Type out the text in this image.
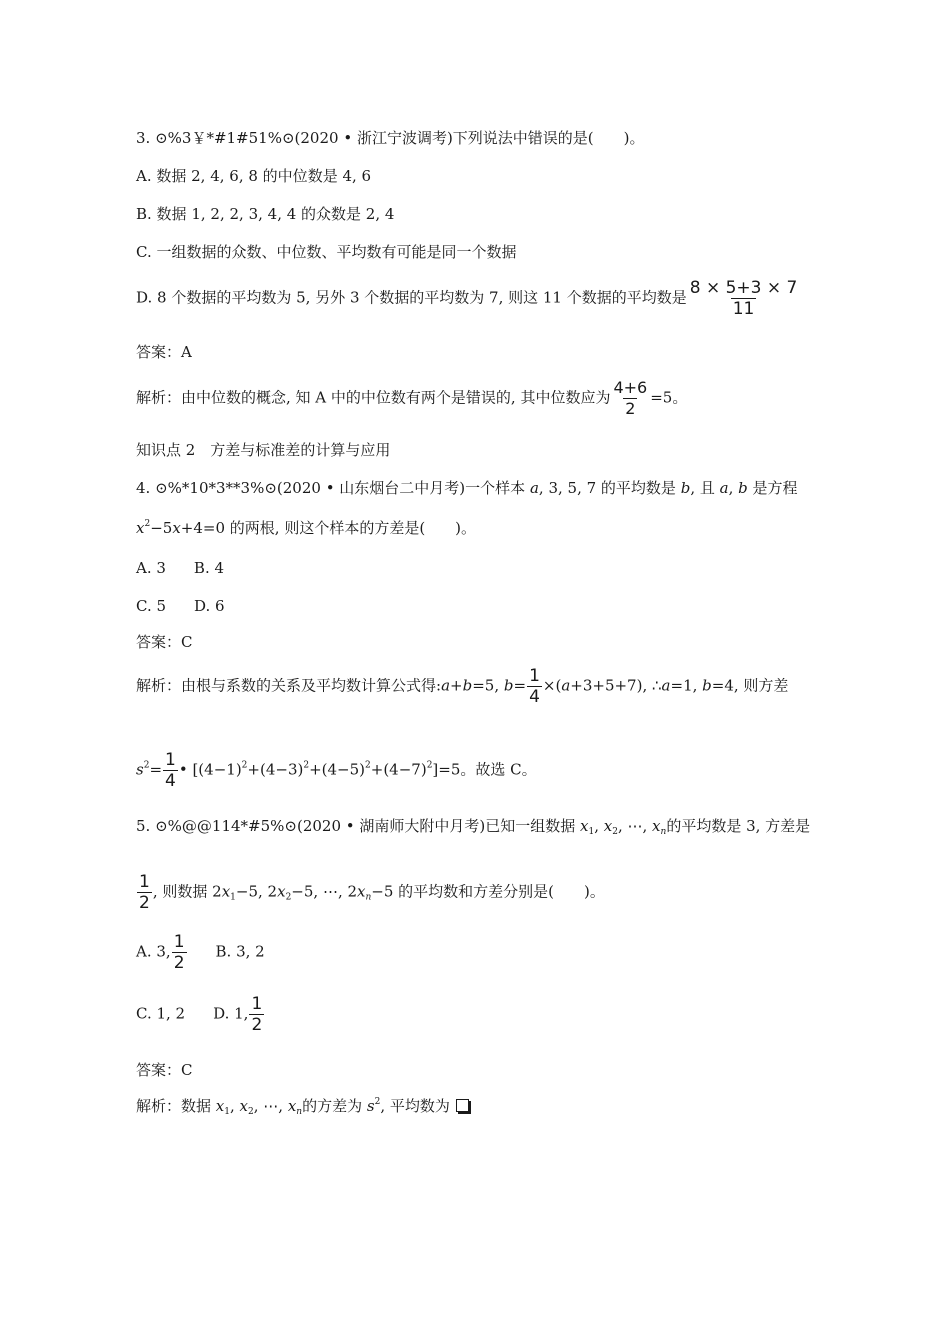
3. ⊙%3￥*#1#51%⊙(2020 • 浙江宁波调考)下列说法中错误的是(　　)。
A. 数据 2, 4, 6, 8 的中位数是 4, 6
B. 数据 1, 2, 2, 3, 4, 4 的众数是 2, 4
C. 一组数据的众数、中位数、平均数有可能是同一个数据
D. 8 个数据的平均数为 5, 另外 3 个数据的平均数为 7, 则这 11 个数据的平均数是 $\frac{8 \times 5+3 \times 7}{11}$
答案：A
解析：由中位数的概念, 知 A 中的中位数有两个是错误的, 其中位数应为 $\frac{4+6}{2} =5$。
知识点 2　方差与标准差的计算与应用
4. ⊙%*10*3**3%⊙(2020 • 山东烟台二中月考)一个样本 a, 3, 5, 7 的平均数是 b, 且 a, b 是方程
$x^2-5x+4=0$ 的两根, 则这个样本的方差是(　　)。
A. 3 B. 4
C. 5 D. 6
答案：C
解析：由根与系数的关系及平均数计算公式得:a+b=5, $b= \frac{1}{4} \times(a+3+5+7)$, ∴a=1, b=4, 则方差
$s^2= \frac{1}{4}$ • $[(4-1)^2+(4-3)^2+(4-5)^2+(4-7)^2]=5$。故选 C。
5. ⊙%@@114*#5%⊙(2020 • 湖南师大附中月考)已知一组数据 $x_1$, $x_2$, ⋯, $x_n$的平均数是 3, 方差是
$\frac{1}{2}$ , 则数据 $2x_1-5$, $2x_2-5$, ⋯, $2x_n-5$ 的平均数和方差分别是(　　)。
A. 3, $\frac{1}{2} B$. 3, 2
C. 1, 2 D. 1, $\frac{1}{2}$
答案：C
解析：数据 $x_1$, $x_2$, ⋯, $x_n$的方差为 $s^2$, 平均数为
